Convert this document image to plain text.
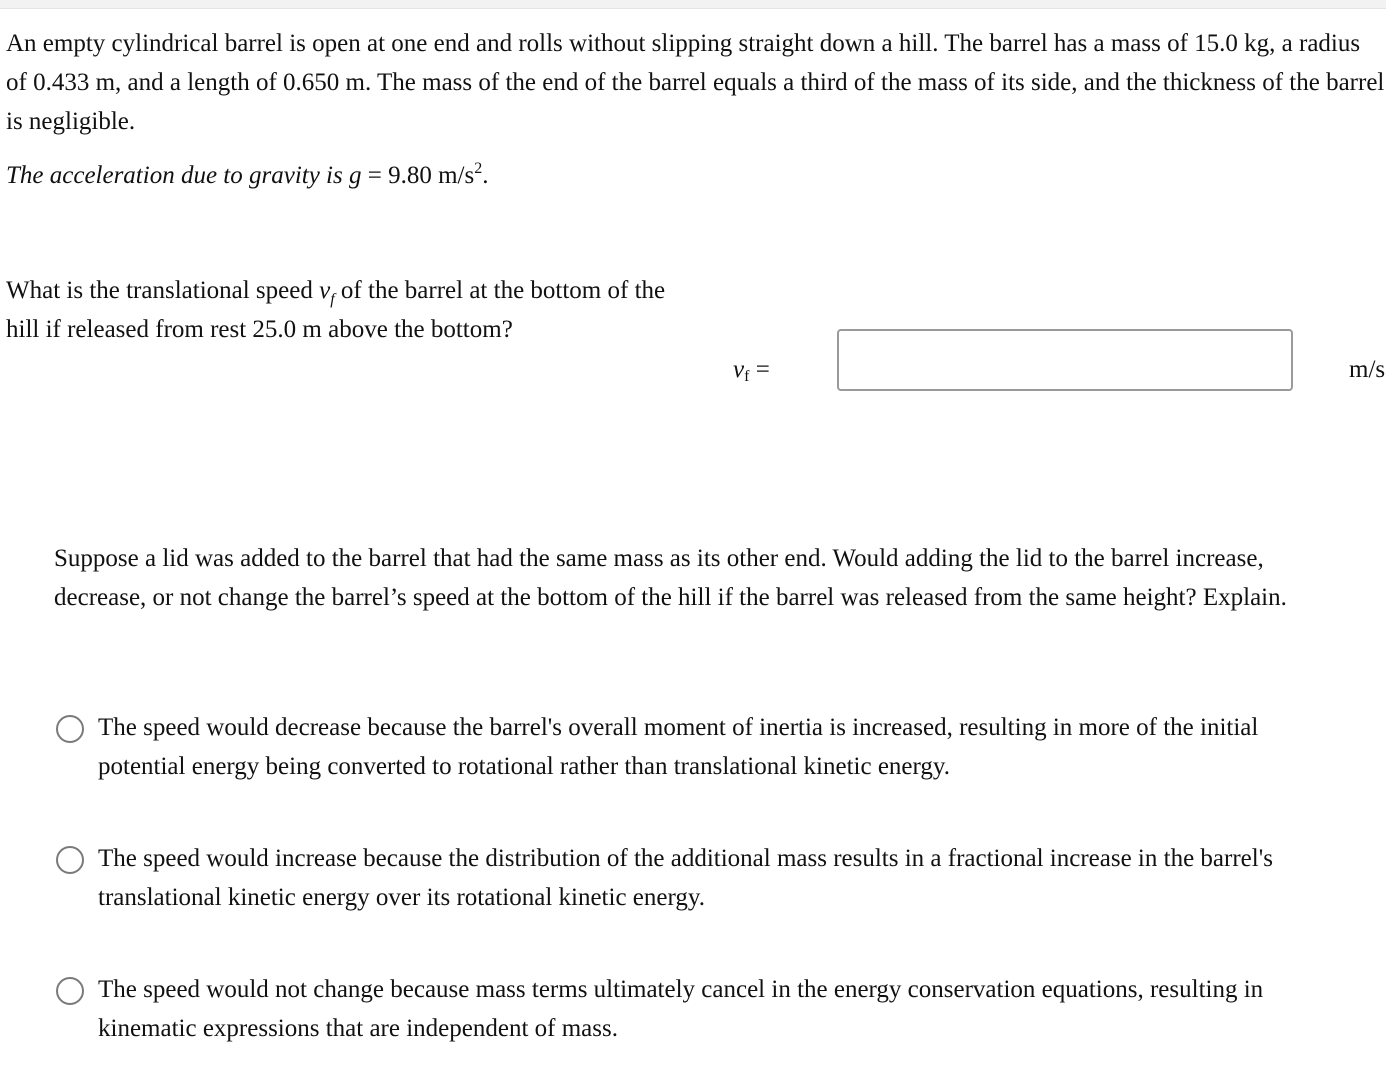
An empty cylindrical barrel is open at one end and rolls without slipping straight down a hill. The barrel has a mass of 15.0 kg, a radius of 0.433 m, and a length of 0.650 m. The mass of the end of the barrel equals a third of the mass of its side, and the thickness of the barrel is negligible.

The acceleration due to gravity is g = 9.80 $m/s^2$.

What is the translational speed $v_f$ of the barrel at the bottom of the hill if released from rest 25.0 m above the bottom?

$v_f$ =	m/s

Suppose a lid was added to the barrel that had the same mass as its other end. Would adding the lid to the barrel increase, decrease, or not change the barrel’s speed at the bottom of the hill if the barrel was released from the same height? Explain.

The speed would decrease because the barrel's overall moment of inertia is increased, resulting in more of the initial potential energy being converted to rotational rather than translational kinetic energy.
The speed would increase because the distribution of the additional mass results in a fractional increase in the barrel's translational kinetic energy over its rotational kinetic energy.
The speed would not change because mass terms ultimately cancel in the energy conservation equations, resulting in kinematic expressions that are independent of mass.
